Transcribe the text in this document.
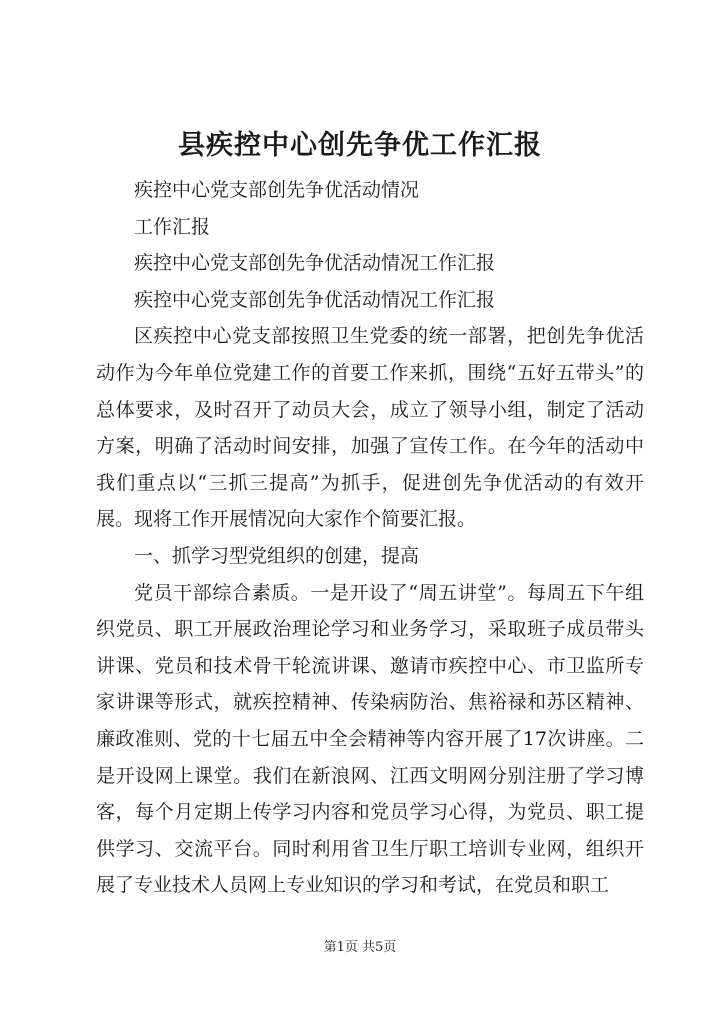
县疾控中心创先争优工作汇报

疾控中心党支部创先争优活动情况

工作汇报

疾控中心党支部创先争优活动情况工作汇报

疾控中心党支部创先争优活动情况工作汇报

区疾控中心党支部按照卫生党委的统一部署，把创先争优活动作为今年单位党建工作的首要工作来抓，围绕“五好五带头”的总体要求，及时召开了动员大会，成立了领导小组，制定了活动方案，明确了活动时间安排，加强了宣传工作。在今年的活动中我们重点以“三抓三提高”为抓手，促进创先争优活动的有效开展。现将工作开展情况向大家作个简要汇报。

一、抓学习型党组织的创建，提高

党员干部综合素质。一是开设了“周五讲堂”。每周五下午组织党员、职工开展政治理论学习和业务学习，采取班子成员带头讲课、党员和技术骨干轮流讲课、邀请市疾控中心、市卫监所专家讲课等形式，就疾控精神、传染病防治、焦裕禄和苏区精神、廉政准则、党的十七届五中全会精神等内容开展了17次讲座。二是开设网上课堂。我们在新浪网、江西文明网分别注册了学习博客，每个月定期上传学习内容和党员学习心得，为党员、职工提供学习、交流平台。同时利用省卫生厅职工培训专业网，组织开展了专业技术人员网上专业知识的学习和考试，在党员和职工

第1页 共5页
